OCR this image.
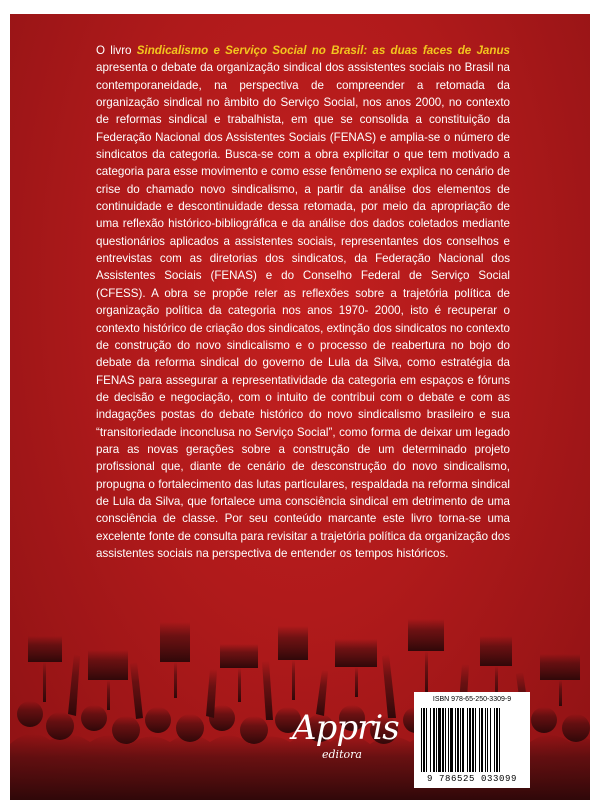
O livro Sindicalismo e Serviço Social no Brasil: as duas faces de Janus apresenta o debate da organização sindical dos assistentes sociais no Brasil na contemporaneidade, na perspectiva de compreender a retomada da organização sindical no âmbito do Serviço Social, nos anos 2000, no contexto de reformas sindical e trabalhista, em que se consolida a constituição da Federação Nacional dos Assistentes Sociais (FENAS) e amplia-se o número de sindicatos da categoria. Busca-se com a obra explicitar o que tem motivado a categoria para esse movimento e como esse fenômeno se explica no cenário de crise do chamado novo sindicalismo, a partir da análise dos elementos de continuidade e descontinuidade dessa retomada, por meio da apropriação de uma reflexão histórico-bibliográfica e da análise dos dados coletados mediante questionários aplicados a assistentes sociais, representantes dos conselhos e entrevistas com as diretorias dos sindicatos, da Federação Nacional dos Assistentes Sociais (FENAS) e do Conselho Federal de Serviço Social (CFESS). A obra se propõe reler as reflexões sobre a trajetória política de organização política da categoria nos anos 1970- 2000, isto é recuperar o contexto histórico de criação dos sindicatos, extinção dos sindicatos no contexto de construção do novo sindicalismo e o processo de reabertura no bojo do debate da reforma sindical do governo de Lula da Silva, como estratégia da FENAS para assegurar a representatividade da categoria em espaços e fóruns de decisão e negociação, com o intuito de contribui com o debate e com as indagações postas do debate histórico do novo sindicalismo brasileiro e sua “transitoriedade inconclusa no Serviço Social”, como forma de deixar um legado para as novas gerações sobre a construção de um determinado projeto profissional que, diante de cenário de desconstrução do novo sindicalismo, propugna o fortalecimento das lutas particulares, respaldada na reforma sindical de Lula da Silva, que fortalece uma consciência sindical em detrimento de uma consciência de classe. Por seu conteúdo marcante este livro torna-se uma excelente fonte de consulta para revisitar a trajetória política da organização dos assistentes sociais na perspectiva de entender os tempos históricos.

Appris
editora
ISBN 978-65-250-3309-9
9 786525 033099
